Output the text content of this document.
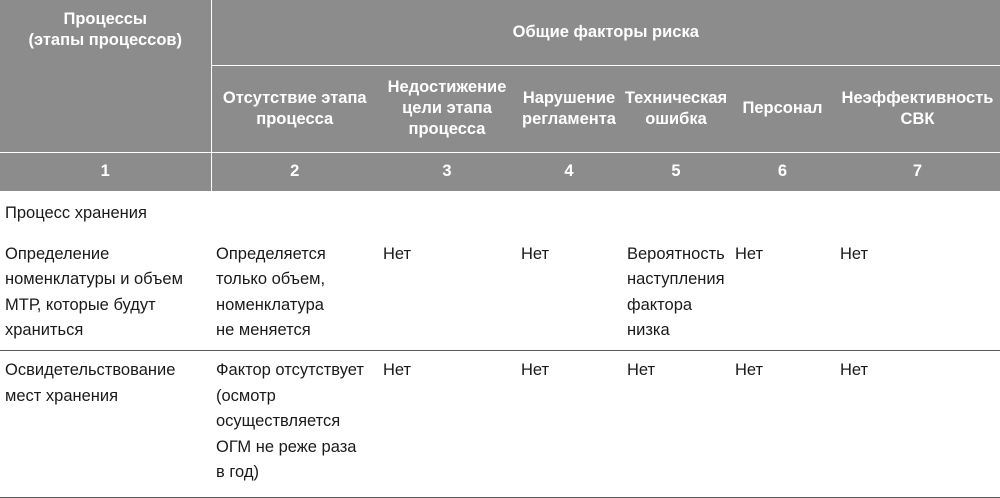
Процессы
(этапы процессов)	Общие факторы риска					

	Отсутствие этапа
процесса	Недостижение
цели этапа
процесса	Нарушение
регламента	Техническая
ошибка	Персонал	Неэффективность
СВК

1	2	3	4	5	6	7
Процесс хранения						

Определение
номенклатуры и объем
МТР, которые будут
храниться	Определяется
только объем,
номенклатура
не меняется	Нет	Нет	Вероятность
наступления
фактора
низка	Нет	Нет

Освидетельствование
мест хранения	Фактор отсутствует
(осмотр
осуществляется
ОГМ не реже раза
в год)	Нет	Нет	Нет	Нет	Нет
